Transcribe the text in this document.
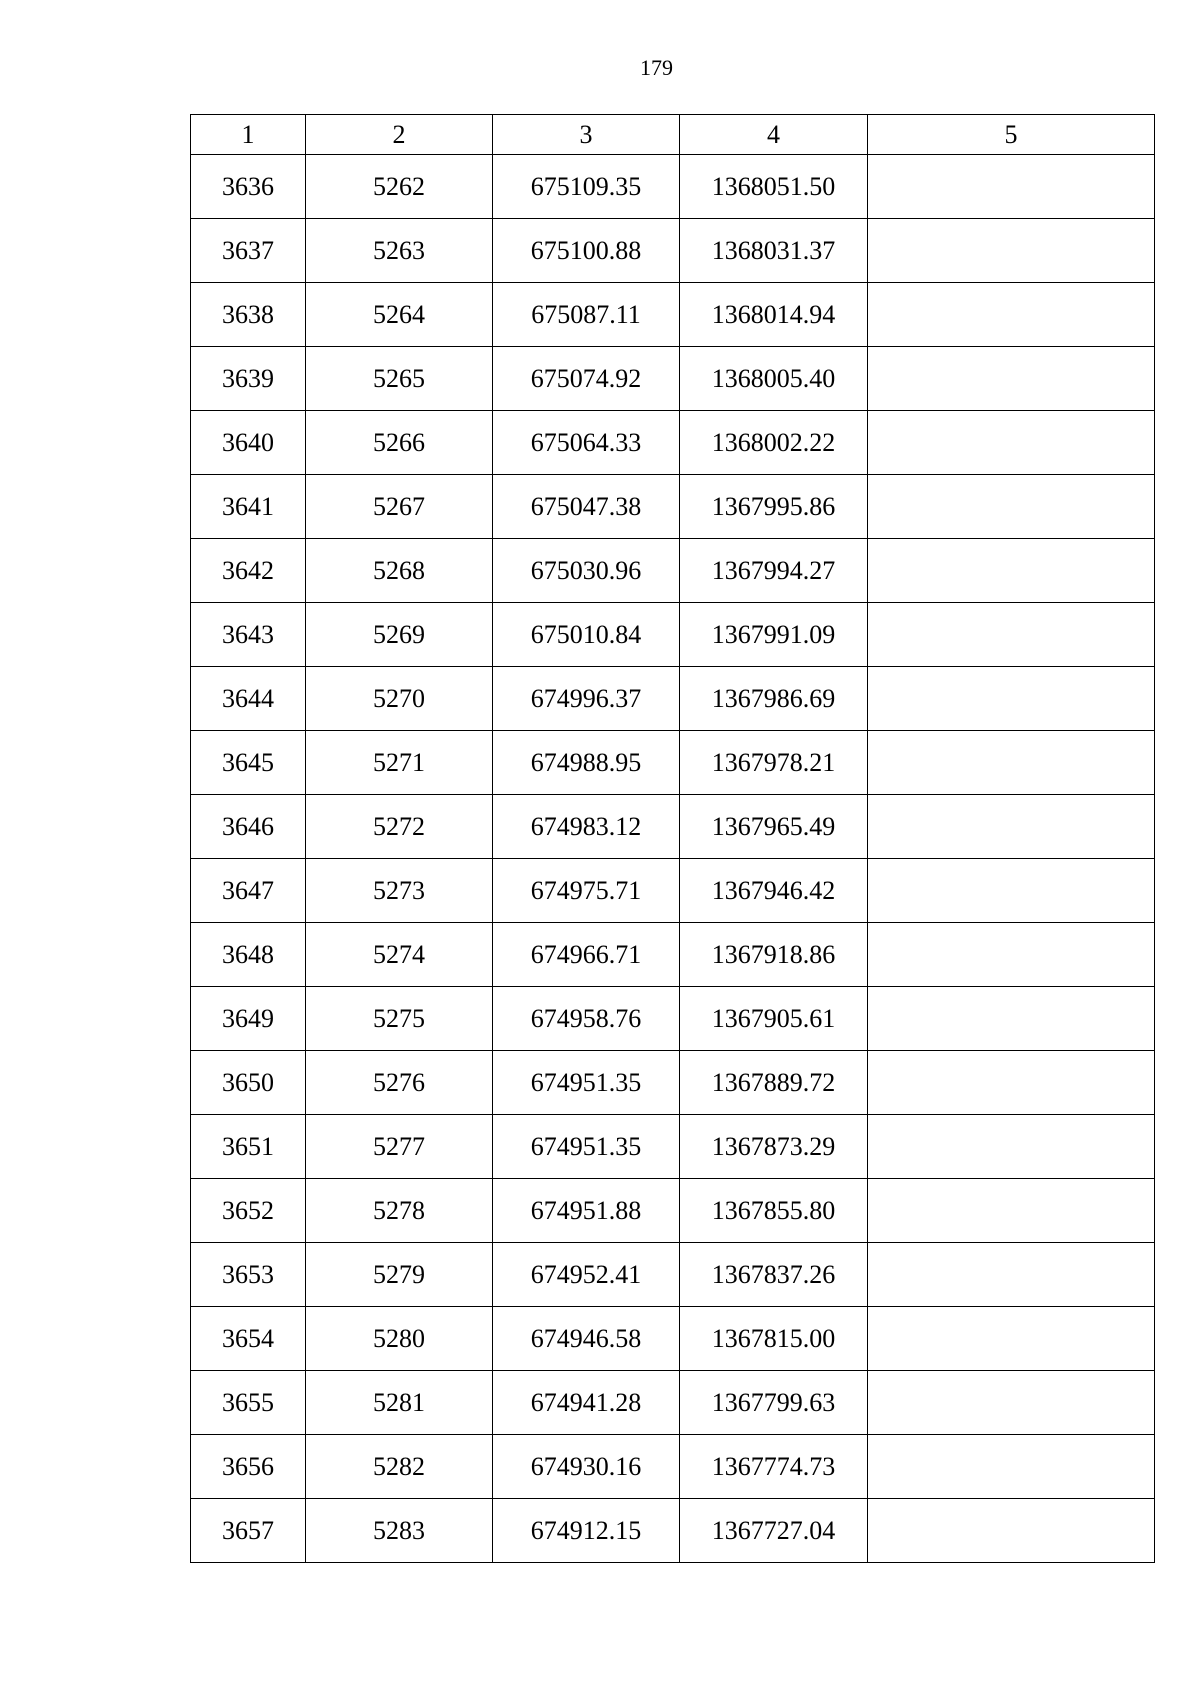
179
1	2	3	4	5
3636	5262	675109.35	1368051.50	
3637	5263	675100.88	1368031.37	
3638	5264	675087.11	1368014.94	
3639	5265	675074.92	1368005.40	
3640	5266	675064.33	1368002.22	
3641	5267	675047.38	1367995.86	
3642	5268	675030.96	1367994.27	
3643	5269	675010.84	1367991.09	
3644	5270	674996.37	1367986.69	
3645	5271	674988.95	1367978.21	
3646	5272	674983.12	1367965.49	
3647	5273	674975.71	1367946.42	
3648	5274	674966.71	1367918.86	
3649	5275	674958.76	1367905.61	
3650	5276	674951.35	1367889.72	
3651	5277	674951.35	1367873.29	
3652	5278	674951.88	1367855.80	
3653	5279	674952.41	1367837.26	
3654	5280	674946.58	1367815.00	
3655	5281	674941.28	1367799.63	
3656	5282	674930.16	1367774.73	
3657	5283	674912.15	1367727.04	
